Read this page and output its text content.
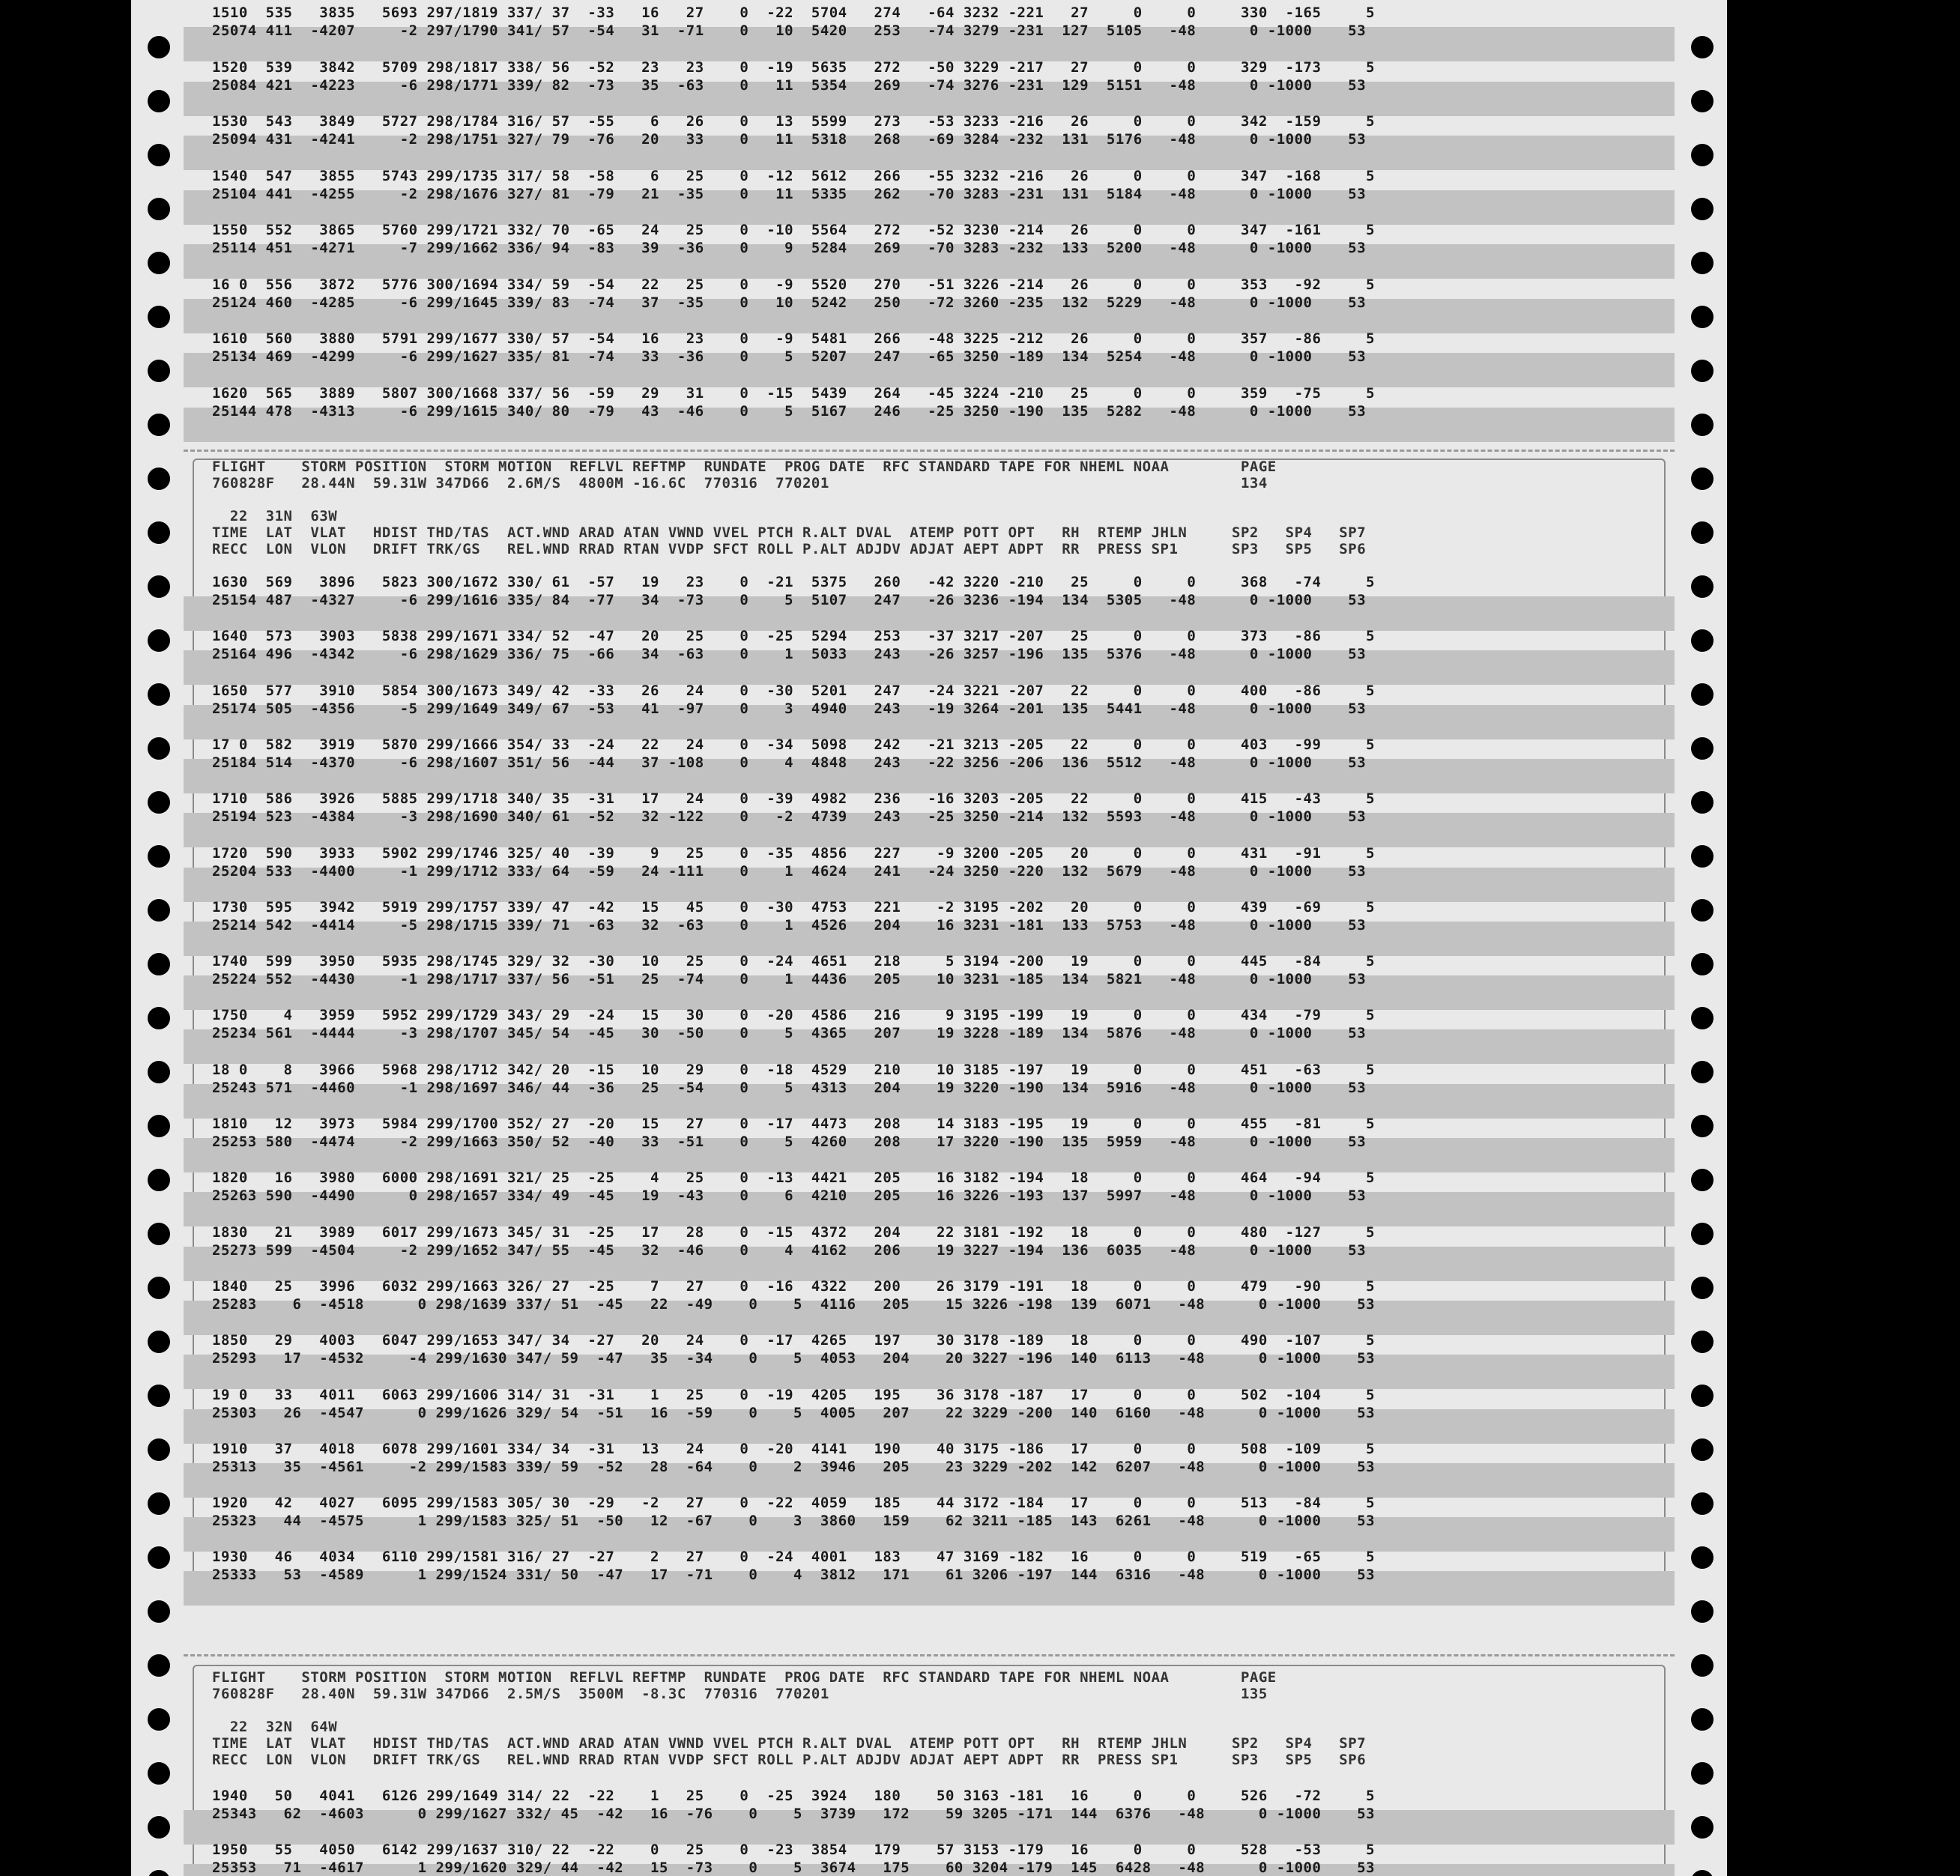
1510  535   3835   5693 297/1819 337/ 37  -33   16   27    0  -22  5704   274   -64 3232 -221   27     0     0     330  -165     5
25074 411  -4207     -2 297/1790 341/ 57  -54   31  -71    0   10  5420   253   -74 3279 -231  127  5105   -48      0 -1000    53
1520  539   3842   5709 298/1817 338/ 56  -52   23   23    0  -19  5635   272   -50 3229 -217   27     0     0     329  -173     5
25084 421  -4223     -6 298/1771 339/ 82  -73   35  -63    0   11  5354   269   -74 3276 -231  129  5151   -48      0 -1000    53
1530  543   3849   5727 298/1784 316/ 57  -55    6   26    0   13  5599   273   -53 3233 -216   26     0     0     342  -159     5
25094 431  -4241     -2 298/1751 327/ 79  -76   20   33    0   11  5318   268   -69 3284 -232  131  5176   -48      0 -1000    53
1540  547   3855   5743 299/1735 317/ 58  -58    6   25    0  -12  5612   266   -55 3232 -216   26     0     0     347  -168     5
25104 441  -4255     -2 298/1676 327/ 81  -79   21  -35    0   11  5335   262   -70 3283 -231  131  5184   -48      0 -1000    53
1550  552   3865   5760 299/1721 332/ 70  -65   24   25    0  -10  5564   272   -52 3230 -214   26     0     0     347  -161     5
25114 451  -4271     -7 299/1662 336/ 94  -83   39  -36    0    9  5284   269   -70 3283 -232  133  5200   -48      0 -1000    53
16 0  556   3872   5776 300/1694 334/ 59  -54   22   25    0   -9  5520   270   -51 3226 -214   26     0     0     353   -92     5
25124 460  -4285     -6 299/1645 339/ 83  -74   37  -35    0   10  5242   250   -72 3260 -235  132  5229   -48      0 -1000    53
1610  560   3880   5791 299/1677 330/ 57  -54   16   23    0   -9  5481   266   -48 3225 -212   26     0     0     357   -86     5
25134 469  -4299     -6 299/1627 335/ 81  -74   33  -36    0    5  5207   247   -65 3250 -189  134  5254   -48      0 -1000    53
1620  565   3889   5807 300/1668 337/ 56  -59   29   31    0  -15  5439   264   -45 3224 -210   25     0     0     359   -75     5
25144 478  -4313     -6 299/1615 340/ 80  -79   43  -46    0    5  5167   246   -25 3250 -190  135  5282   -48      0 -1000    53
FLIGHT    STORM POSITION  STORM MOTION  REFLVL REFTMP  RUNDATE  PROG DATE  RFC STANDARD TAPE FOR NHEML NOAA        PAGE
760828F   28.44N  59.31W 347D66  2.6M/S  4800M -16.6C  770316  770201                                              134
22  31N  63W
TIME  LAT  VLAT   HDIST THD/TAS  ACT.WND ARAD ATAN VWND VVEL PTCH R.ALT DVAL  ATEMP POTT OPT   RH  RTEMP JHLN     SP2   SP4   SP7
RECC  LON  VLON   DRIFT TRK/GS   REL.WND RRAD RTAN VVDP SFCT ROLL P.ALT ADJDV ADJAT AEPT ADPT  RR  PRESS SP1      SP3   SP5   SP6
1630  569   3896   5823 300/1672 330/ 61  -57   19   23    0  -21  5375   260   -42 3220 -210   25     0     0     368   -74     5
25154 487  -4327     -6 299/1616 335/ 84  -77   34  -73    0    5  5107   247   -26 3236 -194  134  5305   -48      0 -1000    53
1640  573   3903   5838 299/1671 334/ 52  -47   20   25    0  -25  5294   253   -37 3217 -207   25     0     0     373   -86     5
25164 496  -4342     -6 298/1629 336/ 75  -66   34  -63    0    1  5033   243   -26 3257 -196  135  5376   -48      0 -1000    53
1650  577   3910   5854 300/1673 349/ 42  -33   26   24    0  -30  5201   247   -24 3221 -207   22     0     0     400   -86     5
25174 505  -4356     -5 299/1649 349/ 67  -53   41  -97    0    3  4940   243   -19 3264 -201  135  5441   -48      0 -1000    53
17 0  582   3919   5870 299/1666 354/ 33  -24   22   24    0  -34  5098   242   -21 3213 -205   22     0     0     403   -99     5
25184 514  -4370     -6 298/1607 351/ 56  -44   37 -108    0    4  4848   243   -22 3256 -206  136  5512   -48      0 -1000    53
1710  586   3926   5885 299/1718 340/ 35  -31   17   24    0  -39  4982   236   -16 3203 -205   22     0     0     415   -43     5
25194 523  -4384     -3 298/1690 340/ 61  -52   32 -122    0   -2  4739   243   -25 3250 -214  132  5593   -48      0 -1000    53
1720  590   3933   5902 299/1746 325/ 40  -39    9   25    0  -35  4856   227    -9 3200 -205   20     0     0     431   -91     5
25204 533  -4400     -1 299/1712 333/ 64  -59   24 -111    0    1  4624   241   -24 3250 -220  132  5679   -48      0 -1000    53
1730  595   3942   5919 299/1757 339/ 47  -42   15   45    0  -30  4753   221    -2 3195 -202   20     0     0     439   -69     5
25214 542  -4414     -5 298/1715 339/ 71  -63   32  -63    0    1  4526   204    16 3231 -181  133  5753   -48      0 -1000    53
1740  599   3950   5935 298/1745 329/ 32  -30   10   25    0  -24  4651   218     5 3194 -200   19     0     0     445   -84     5
25224 552  -4430     -1 298/1717 337/ 56  -51   25  -74    0    1  4436   205    10 3231 -185  134  5821   -48      0 -1000    53
1750    4   3959   5952 299/1729 343/ 29  -24   15   30    0  -20  4586   216     9 3195 -199   19     0     0     434   -79     5
25234 561  -4444     -3 298/1707 345/ 54  -45   30  -50    0    5  4365   207    19 3228 -189  134  5876   -48      0 -1000    53
18 0    8   3966   5968 298/1712 342/ 20  -15   10   29    0  -18  4529   210    10 3185 -197   19     0     0     451   -63     5
25243 571  -4460     -1 298/1697 346/ 44  -36   25  -54    0    5  4313   204    19 3220 -190  134  5916   -48      0 -1000    53
1810   12   3973   5984 299/1700 352/ 27  -20   15   27    0  -17  4473   208    14 3183 -195   19     0     0     455   -81     5
25253 580  -4474     -2 299/1663 350/ 52  -40   33  -51    0    5  4260   208    17 3220 -190  135  5959   -48      0 -1000    53
1820   16   3980   6000 298/1691 321/ 25  -25    4   25    0  -13  4421   205    16 3182 -194   18     0     0     464   -94     5
25263 590  -4490      0 298/1657 334/ 49  -45   19  -43    0    6  4210   205    16 3226 -193  137  5997   -48      0 -1000    53
1830   21   3989   6017 299/1673 345/ 31  -25   17   28    0  -15  4372   204    22 3181 -192   18     0     0     480  -127     5
25273 599  -4504     -2 299/1652 347/ 55  -45   32  -46    0    4  4162   206    19 3227 -194  136  6035   -48      0 -1000    53
1840   25   3996   6032 299/1663 326/ 27  -25    7   27    0  -16  4322   200    26 3179 -191   18     0     0     479   -90     5
25283    6  -4518      0 298/1639 337/ 51  -45   22  -49    0    5  4116   205    15 3226 -198  139  6071   -48      0 -1000    53
1850   29   4003   6047 299/1653 347/ 34  -27   20   24    0  -17  4265   197    30 3178 -189   18     0     0     490  -107     5
25293   17  -4532     -4 299/1630 347/ 59  -47   35  -34    0    5  4053   204    20 3227 -196  140  6113   -48      0 -1000    53
19 0   33   4011   6063 299/1606 314/ 31  -31    1   25    0  -19  4205   195    36 3178 -187   17     0     0     502  -104     5
25303   26  -4547      0 299/1626 329/ 54  -51   16  -59    0    5  4005   207    22 3229 -200  140  6160   -48      0 -1000    53
1910   37   4018   6078 299/1601 334/ 34  -31   13   24    0  -20  4141   190    40 3175 -186   17     0     0     508  -109     5
25313   35  -4561     -2 299/1583 339/ 59  -52   28  -64    0    2  3946   205    23 3229 -202  142  6207   -48      0 -1000    53
1920   42   4027   6095 299/1583 305/ 30  -29   -2   27    0  -22  4059   185    44 3172 -184   17     0     0     513   -84     5
25323   44  -4575      1 299/1583 325/ 51  -50   12  -67    0    3  3860   159    62 3211 -185  143  6261   -48      0 -1000    53
1930   46   4034   6110 299/1581 316/ 27  -27    2   27    0  -24  4001   183    47 3169 -182   16     0     0     519   -65     5
25333   53  -4589      1 299/1524 331/ 50  -47   17  -71    0    4  3812   171    61 3206 -197  144  6316   -48      0 -1000    53
FLIGHT    STORM POSITION  STORM MOTION  REFLVL REFTMP  RUNDATE  PROG DATE  RFC STANDARD TAPE FOR NHEML NOAA        PAGE
760828F   28.40N  59.31W 347D66  2.5M/S  3500M  -8.3C  770316  770201                                              135
22  32N  64W
TIME  LAT  VLAT   HDIST THD/TAS  ACT.WND ARAD ATAN VWND VVEL PTCH R.ALT DVAL  ATEMP POTT OPT   RH  RTEMP JHLN     SP2   SP4   SP7
RECC  LON  VLON   DRIFT TRK/GS   REL.WND RRAD RTAN VVDP SFCT ROLL P.ALT ADJDV ADJAT AEPT ADPT  RR  PRESS SP1      SP3   SP5   SP6
1940   50   4041   6126 299/1649 314/ 22  -22    1   25    0  -25  3924   180    50 3163 -181   16     0     0     526   -72     5
25343   62  -4603      0 299/1627 332/ 45  -42   16  -76    0    5  3739   172    59 3205 -171  144  6376   -48      0 -1000    53
1950   55   4050   6142 299/1637 310/ 22  -22    0   25    0  -23  3854   179    57 3153 -179   16     0     0     528   -53     5
25353   71  -4617      1 299/1620 329/ 44  -42   15  -73    0    5  3674   175    60 3204 -179  145  6428   -48      0 -1000    53
